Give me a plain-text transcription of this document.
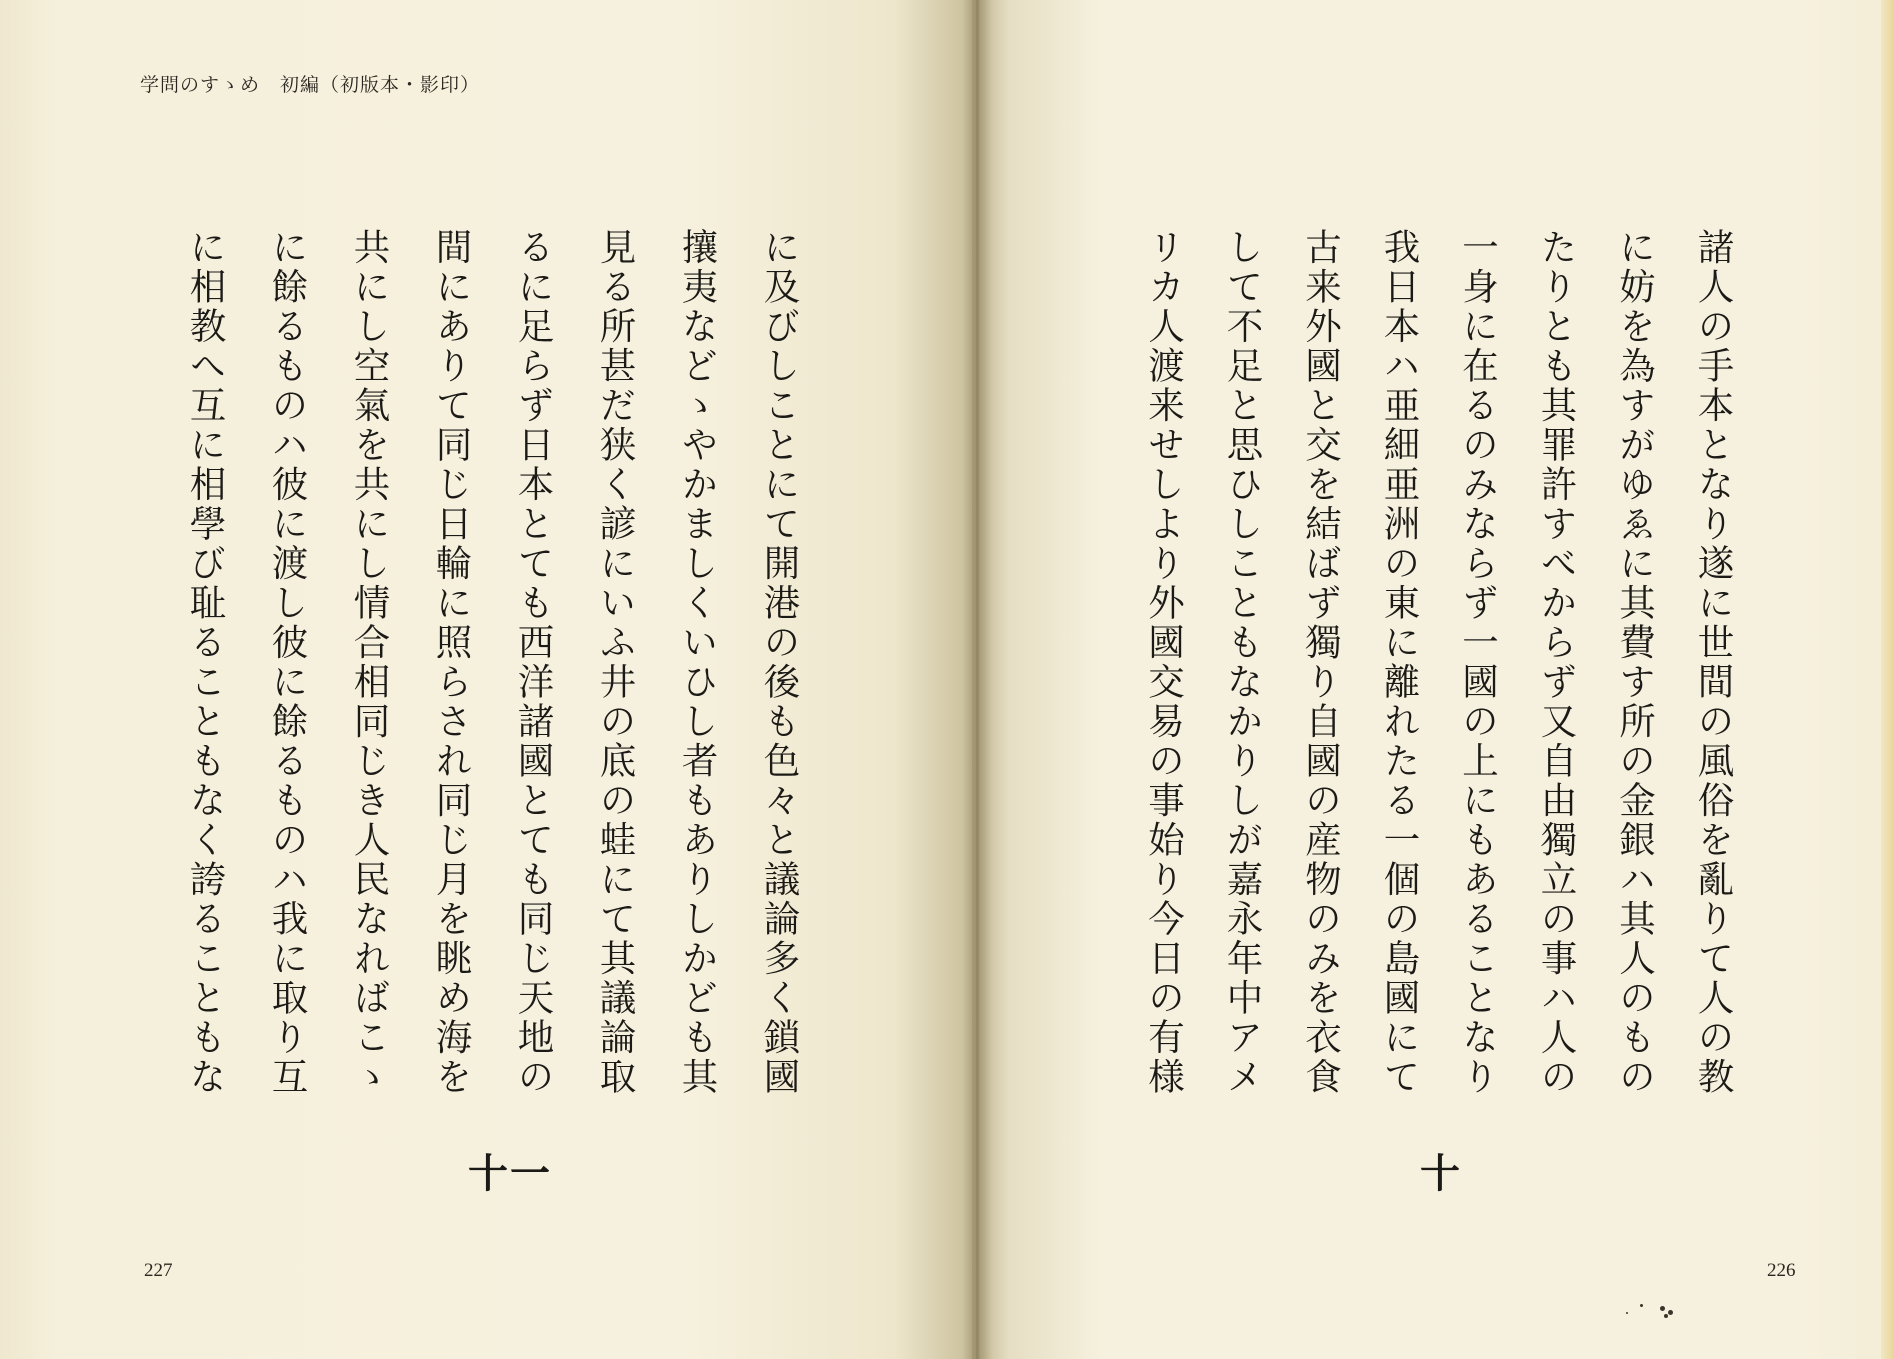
学問のすゝめ　初編（初版本・影印）
に及びしことにて開港の後も色々と議論多く鎖國
攘夷などゝやかましくいひし者もありしかども其
見る所甚だ狭く諺にいふ井の底の蛙にて其議論取
るに足らず日本とても西洋諸國とても同じ天地の
間にありて同じ日輪に照らされ同じ月を眺め海を
共にし空氣を共にし情合相同じき人民なればこゝ
に餘るものハ彼に渡し彼に餘るものハ我に取り互
に相教へ互に相學び耻ることもなく誇ることもな
十一
227
諸人の手本となり遂に世間の風俗を亂りて人の教
に妨を為すがゆゑに其費す所の金銀ハ其人のもの
たりとも其罪許すべからず又自由獨立の事ハ人の
一身に在るのみならず一國の上にもあることなり
我日本ハ亜細亜洲の東に離れたる一個の島國にて
古来外國と交を結ばず獨り自國の産物のみを衣食
して不足と思ひしこともなかりしが嘉永年中アメ
リカ人渡来せしより外國交易の事始り今日の有様
十
226
